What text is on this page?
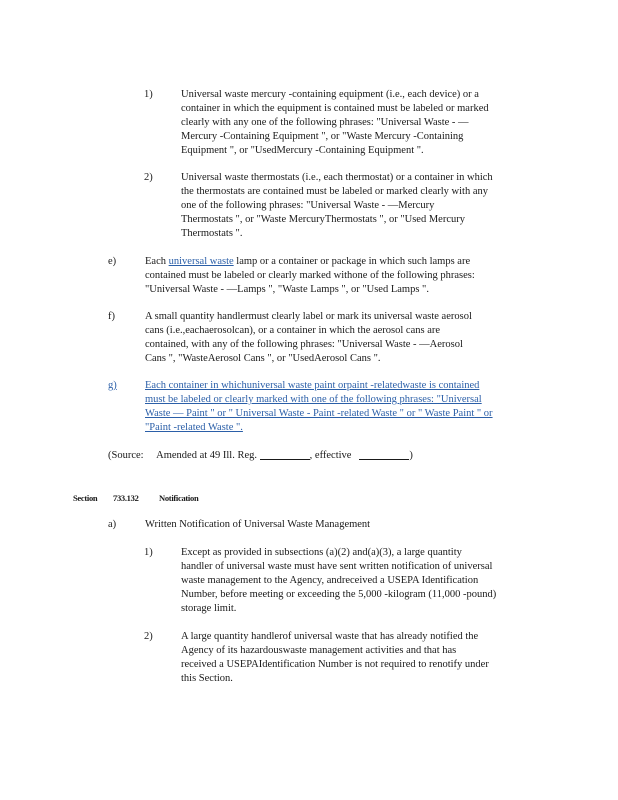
1)	Universal waste mercury -containing equipment (i.e., each device) or a
container in which the equipment is contained must be labeled or marked
clearly with any one of the following phrases: "Universal Waste - —
Mercury -Containing Equipment ", or "Waste Mercury -Containing
Equipment ", or "UsedMercury -Containing Equipment ".
2)	Universal waste thermostats (i.e., each thermostat) or a container in which
the thermostats are contained must be labeled or marked clearly with any
one of the following phrases: "Universal Waste - —Mercury
Thermostats ", or "Waste MercuryThermostats ", or "Used Mercury
Thermostats ".
e)	Each universal waste lamp or a container or package in which such lamps are
contained must be labeled or clearly marked withone of the following phrases:
"Universal Waste - —Lamps ", "Waste Lamps ", or "Used Lamps ".
f)	A small quantity handlermust clearly label or mark its universal waste aerosol
cans (i.e.,eachaerosolcan), or a container in which the aerosol cans are
contained, with any of the following phrases: "Universal Waste - —Aerosol
Cans ", "WasteAerosol Cans ", or "UsedAerosol Cans ".
g)	Each container in whichuniversal waste paint orpaint -relatedwaste is contained
must be labeled or clearly marked with one of the following phrases: "Universal
Waste — Paint " or " Universal Waste - Paint -related Waste " or " Waste Paint " or
"Paint -related Waste ".
(Source: Amended at 49 Ill. Reg.	, effective	)
Section 733.132 Notification
a)	Written Notification of Universal Waste Management
1)	Except as provided in subsections (a)(2) and(a)(3), a large quantity
handler of universal waste must have sent written notification of universal
waste management to the Agency, andreceived a USEPA Identification
Number, before meeting or exceeding the 5,000 -kilogram (11,000 -pound)
storage limit.
2)	A large quantity handlerof universal waste that has already notified the
Agency of its hazardouswaste management activities and that has
received a USEPAIdentification Number is not required to renotify under
this Section.
